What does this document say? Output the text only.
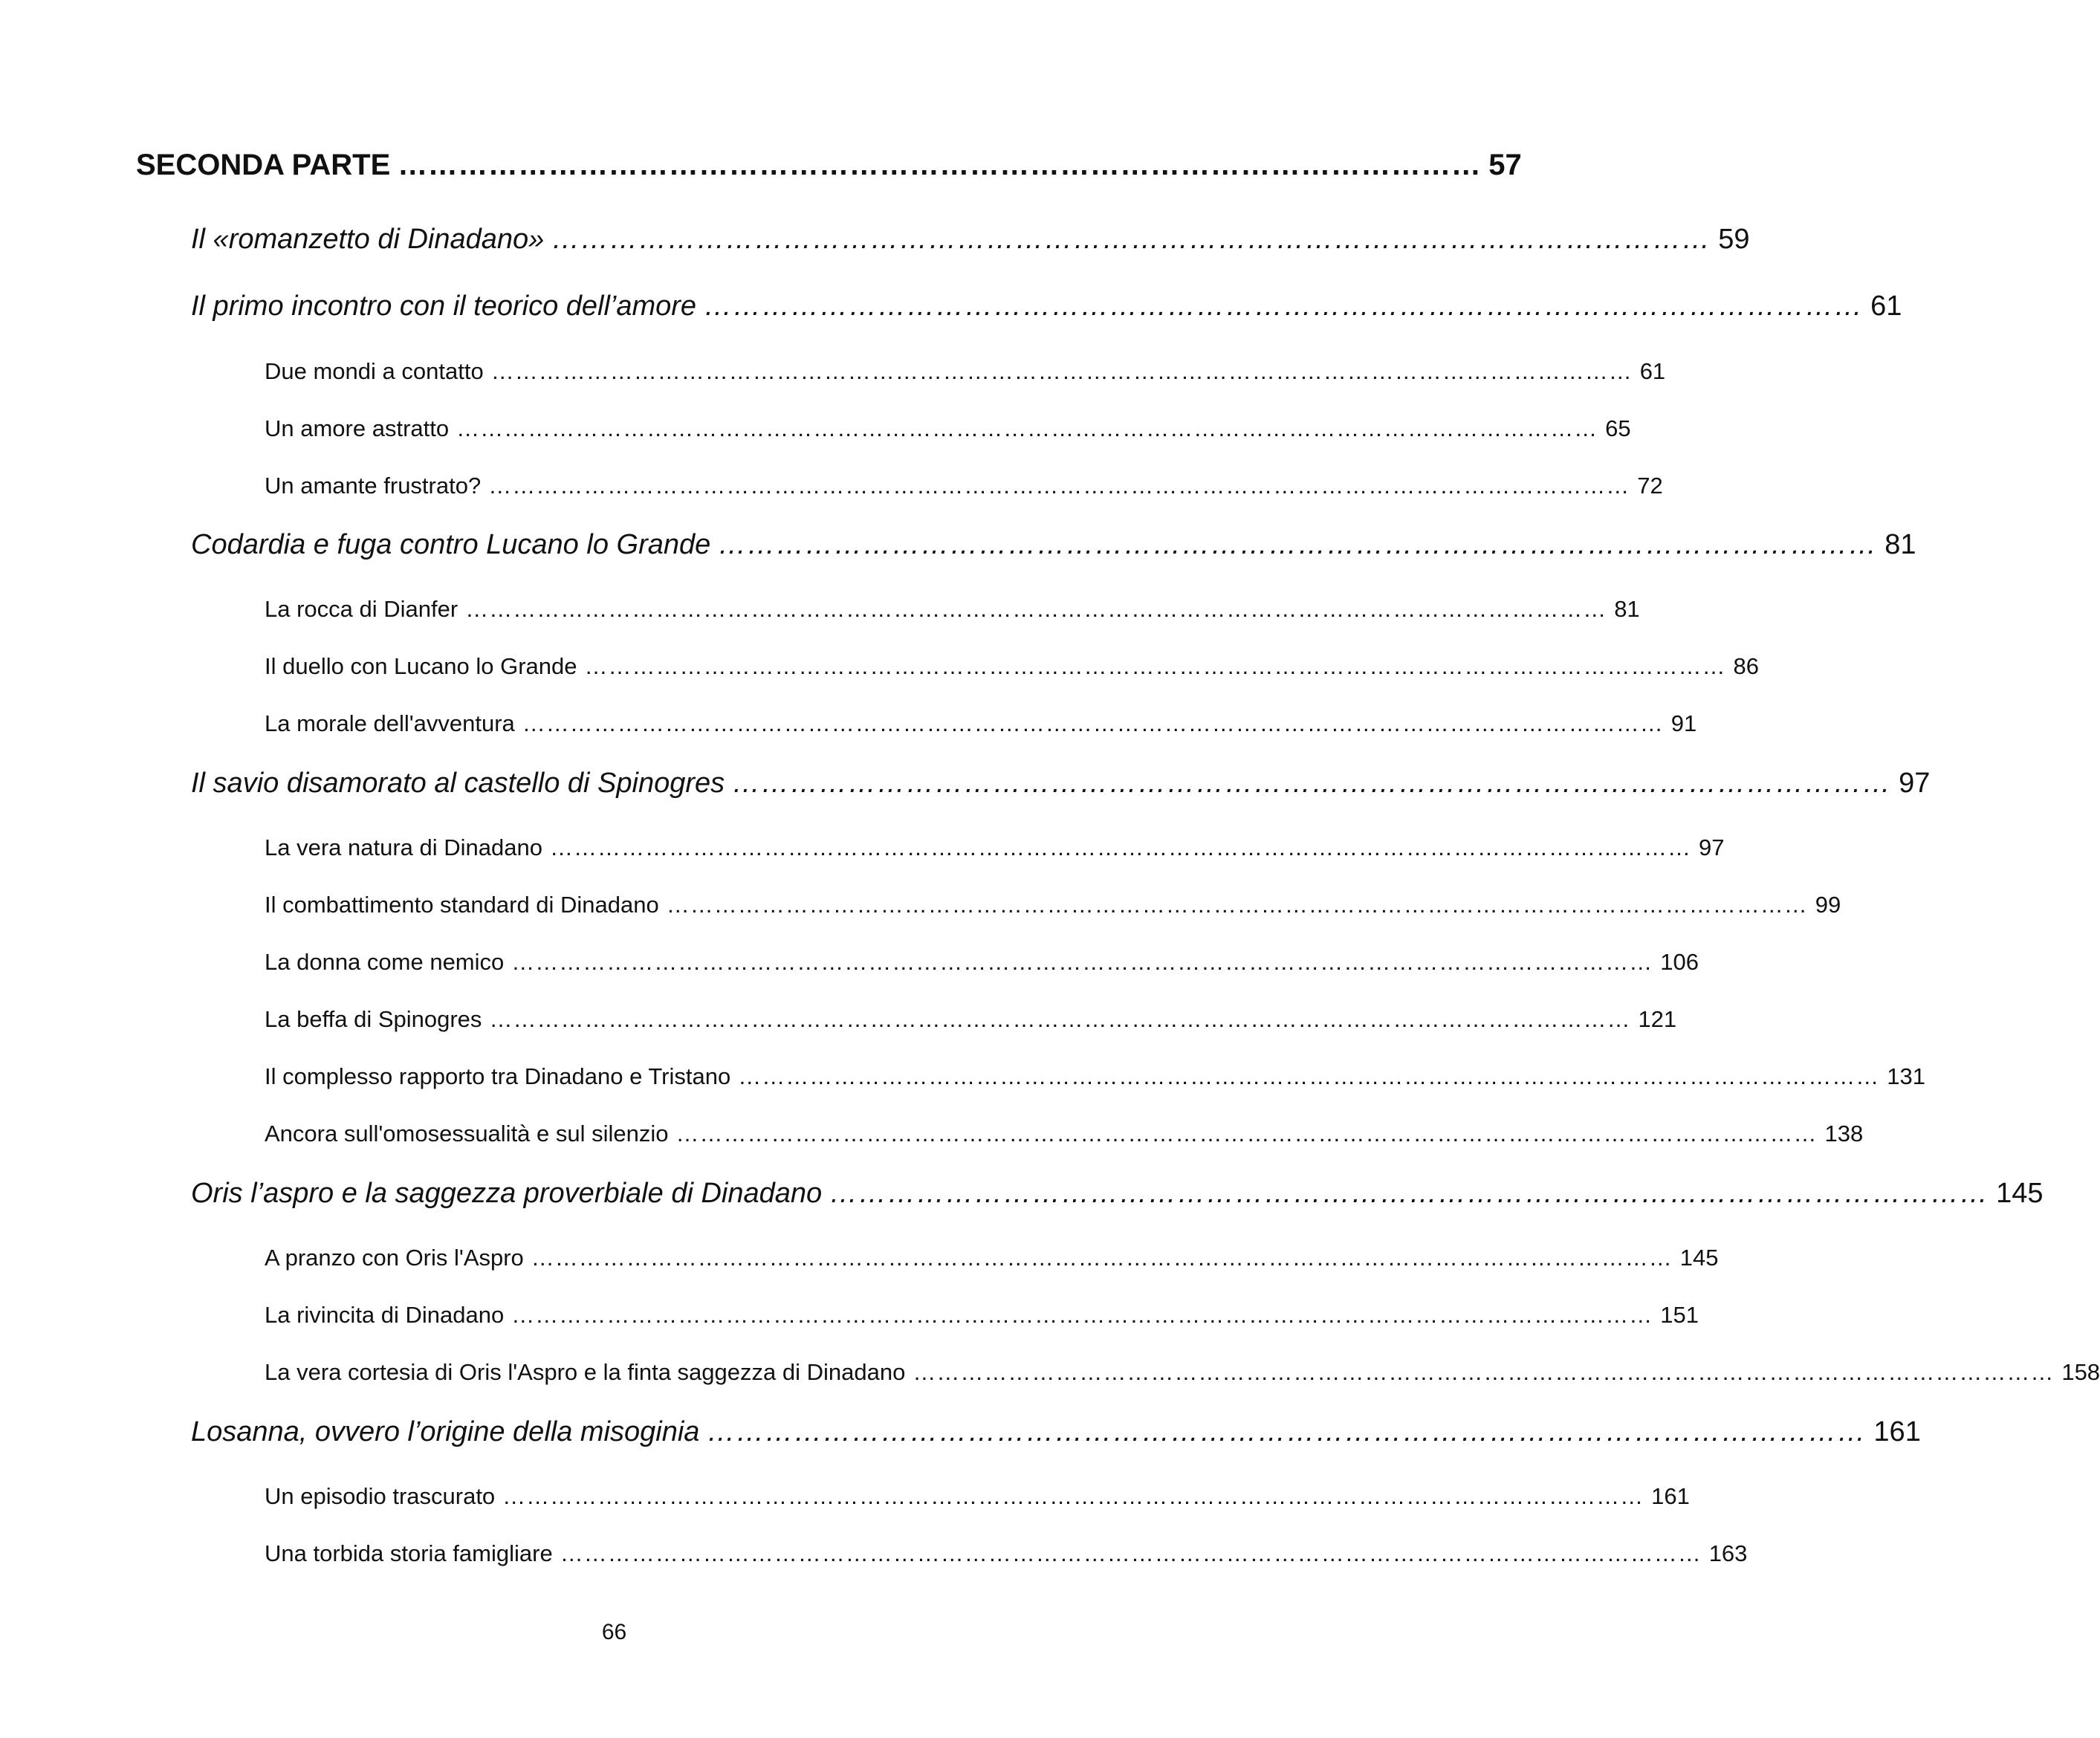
SECONDA PARTE ……………………………………………………………………………………………… 57
Il «romanzetto di Dinadano» ………………………………………………………………………………………………………… 59
Il primo incontro con il teorico dell’amore ………………………………………………………………………………………………………… 61
Due mondi a contatto ……………………………………………………………………………………………………………………………… 61
Un amore astratto ……………………………………………………………………………………………………………………………… 65
Un amante frustrato? ……………………………………………………………………………………………………………………………… 72
Codardia e fuga contro Lucano lo Grande ………………………………………………………………………………………………………… 81
La rocca di Dianfer ……………………………………………………………………………………………………………………………… 81
Il duello con Lucano lo Grande ……………………………………………………………………………………………………………………………… 86
La morale dell'avventura ……………………………………………………………………………………………………………………………… 91
Il savio disamorato al castello di Spinogres ………………………………………………………………………………………………………… 97
La vera natura di Dinadano ……………………………………………………………………………………………………………………………… 97
Il combattimento standard di Dinadano ……………………………………………………………………………………………………………………………… 99
La donna come nemico ……………………………………………………………………………………………………………………………… 106
La beffa di Spinogres ……………………………………………………………………………………………………………………………… 121
Il complesso rapporto tra Dinadano e Tristano ……………………………………………………………………………………………………………………………… 131
Ancora sull'omosessualità e sul silenzio ……………………………………………………………………………………………………………………………… 138
Oris l’aspro e la saggezza proverbiale di Dinadano ………………………………………………………………………………………………………… 145
A pranzo con Oris l'Aspro ……………………………………………………………………………………………………………………………… 145
La rivincita di Dinadano ……………………………………………………………………………………………………………………………… 151
La vera cortesia di Oris l'Aspro e la finta saggezza di Dinadano ……………………………………………………………………………………………………………………………… 158
Losanna, ovvero l’origine della misoginia ………………………………………………………………………………………………………… 161
Un episodio trascurato ……………………………………………………………………………………………………………………………… 161
Una torbida storia famigliare ……………………………………………………………………………………………………………………………… 163
66
